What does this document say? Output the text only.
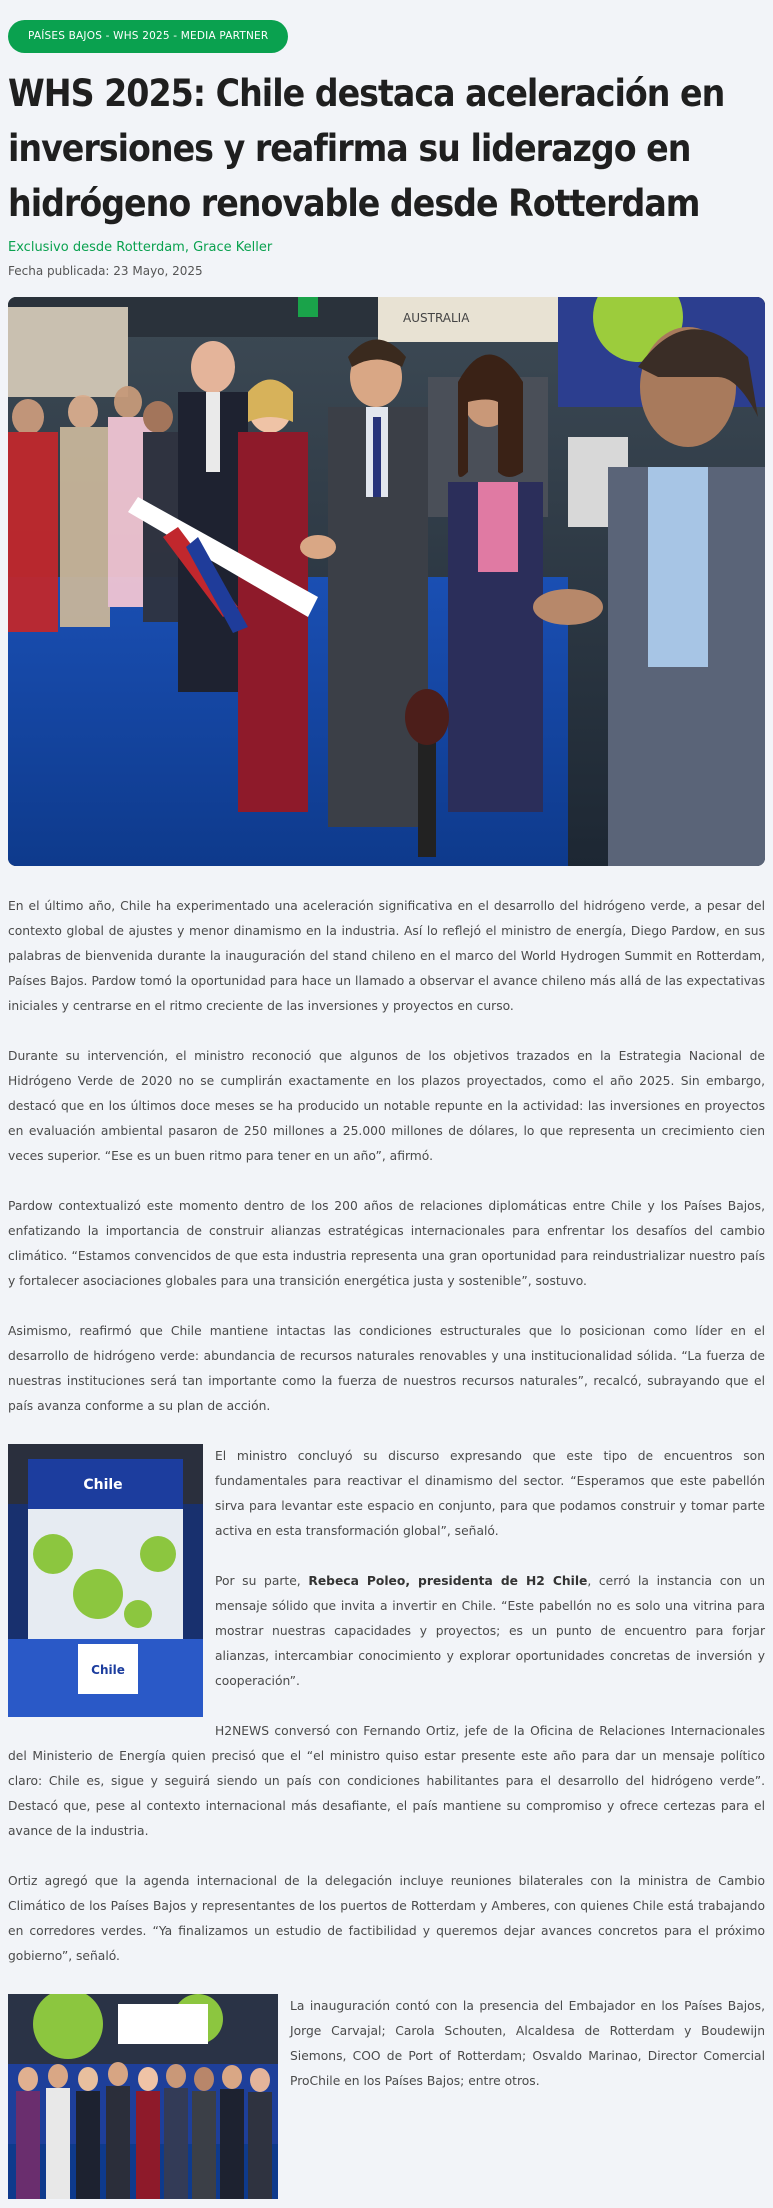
PAÍSES BAJOS - WHS 2025 - MEDIA PARTNER
WHS 2025: Chile destaca aceleración en inversiones y reafirma su liderazgo en hidrógeno renovable desde Rotterdam
Exclusivo desde Rotterdam, Grace Keller
Fecha publicada: 23 Mayo, 2025
AUSTRALIA

En el último año, Chile ha experimentado una aceleración significativa en el desarrollo del hidrógeno verde, a pesar del contexto global de ajustes y menor dinamismo en la industria. Así lo reflejó el ministro de energía, Diego Pardow, en sus palabras de bienvenida durante la inauguración del stand chileno en el marco del World Hydrogen Summit en Rotterdam, Países Bajos. Pardow tomó la oportunidad para hace un llamado a observar el avance chileno más allá de las expectativas iniciales y centrarse en el ritmo creciente de las inversiones y proyectos en curso.

Durante su intervención, el ministro reconoció que algunos de los objetivos trazados en la Estrategia Nacional de Hidrógeno Verde de 2020 no se cumplirán exactamente en los plazos proyectados, como el año 2025. Sin embargo, destacó que en los últimos doce meses se ha producido un notable repunte en la actividad: las inversiones en proyectos en evaluación ambiental pasaron de 250 millones a 25.000 millones de dólares, lo que representa un crecimiento cien veces superior. “Ese es un buen ritmo para tener en un año”, afirmó.

Pardow contextualizó este momento dentro de los 200 años de relaciones diplomáticas entre Chile y los Países Bajos, enfatizando la importancia de construir alianzas estratégicas internacionales para enfrentar los desafíos del cambio climático. “Estamos convencidos de que esta industria representa una gran oportunidad para reindustrializar nuestro país y fortalecer asociaciones globales para una transición energética justa y sostenible”, sostuvo.

Asimismo, reafirmó que Chile mantiene intactas las condiciones estructurales que lo posicionan como líder en el desarrollo de hidrógeno verde: abundancia de recursos naturales renovables y una institucionalidad sólida. “La fuerza de nuestras instituciones será tan importante como la fuerza de nuestros recursos naturales”, recalcó, subrayando que el país avanza conforme a su plan de acción.

Chile
Chile

El ministro concluyó su discurso expresando que este tipo de encuentros son fundamentales para reactivar el dinamismo del sector. “Esperamos que este pabellón sirva para levantar este espacio en conjunto, para que podamos construir y tomar parte activa en esta transformación global”, señaló.

Por su parte, Rebeca Poleo, presidenta de H2 Chile, cerró la instancia con un mensaje sólido que invita a invertir en Chile. “Este pabellón no es solo una vitrina para mostrar nuestras capacidades y proyectos; es un punto de encuentro para forjar alianzas, intercambiar conocimiento y explorar oportunidades concretas de inversión y cooperación”.

H2NEWS conversó con Fernando Ortiz, jefe de la Oficina de Relaciones Internacionales del Ministerio de Energía quien precisó que el “el ministro quiso estar presente este año para dar un mensaje político claro: Chile es, sigue y seguirá siendo un país con condiciones habilitantes para el desarrollo del hidrógeno verde”. Destacó que, pese al contexto internacional más desafiante, el país mantiene su compromiso y ofrece certezas para el avance de la industria.

Ortiz agregó que la agenda internacional de la delegación incluye reuniones bilaterales con la ministra de Cambio Climático de los Países Bajos y representantes de los puertos de Rotterdam y Amberes, con quienes Chile está trabajando en corredores verdes. “Ya finalizamos un estudio de factibilidad y queremos dejar avances concretos para el próximo gobierno”, señaló.

La inauguración contó con la presencia del Embajador en los Países Bajos, Jorge Carvajal; Carola Schouten, Alcaldesa de Rotterdam y Boudewijn Siemons, COO de Port of Rotterdam; Osvaldo Marinao, Director Comercial ProChile en los Países Bajos; entre otros.
